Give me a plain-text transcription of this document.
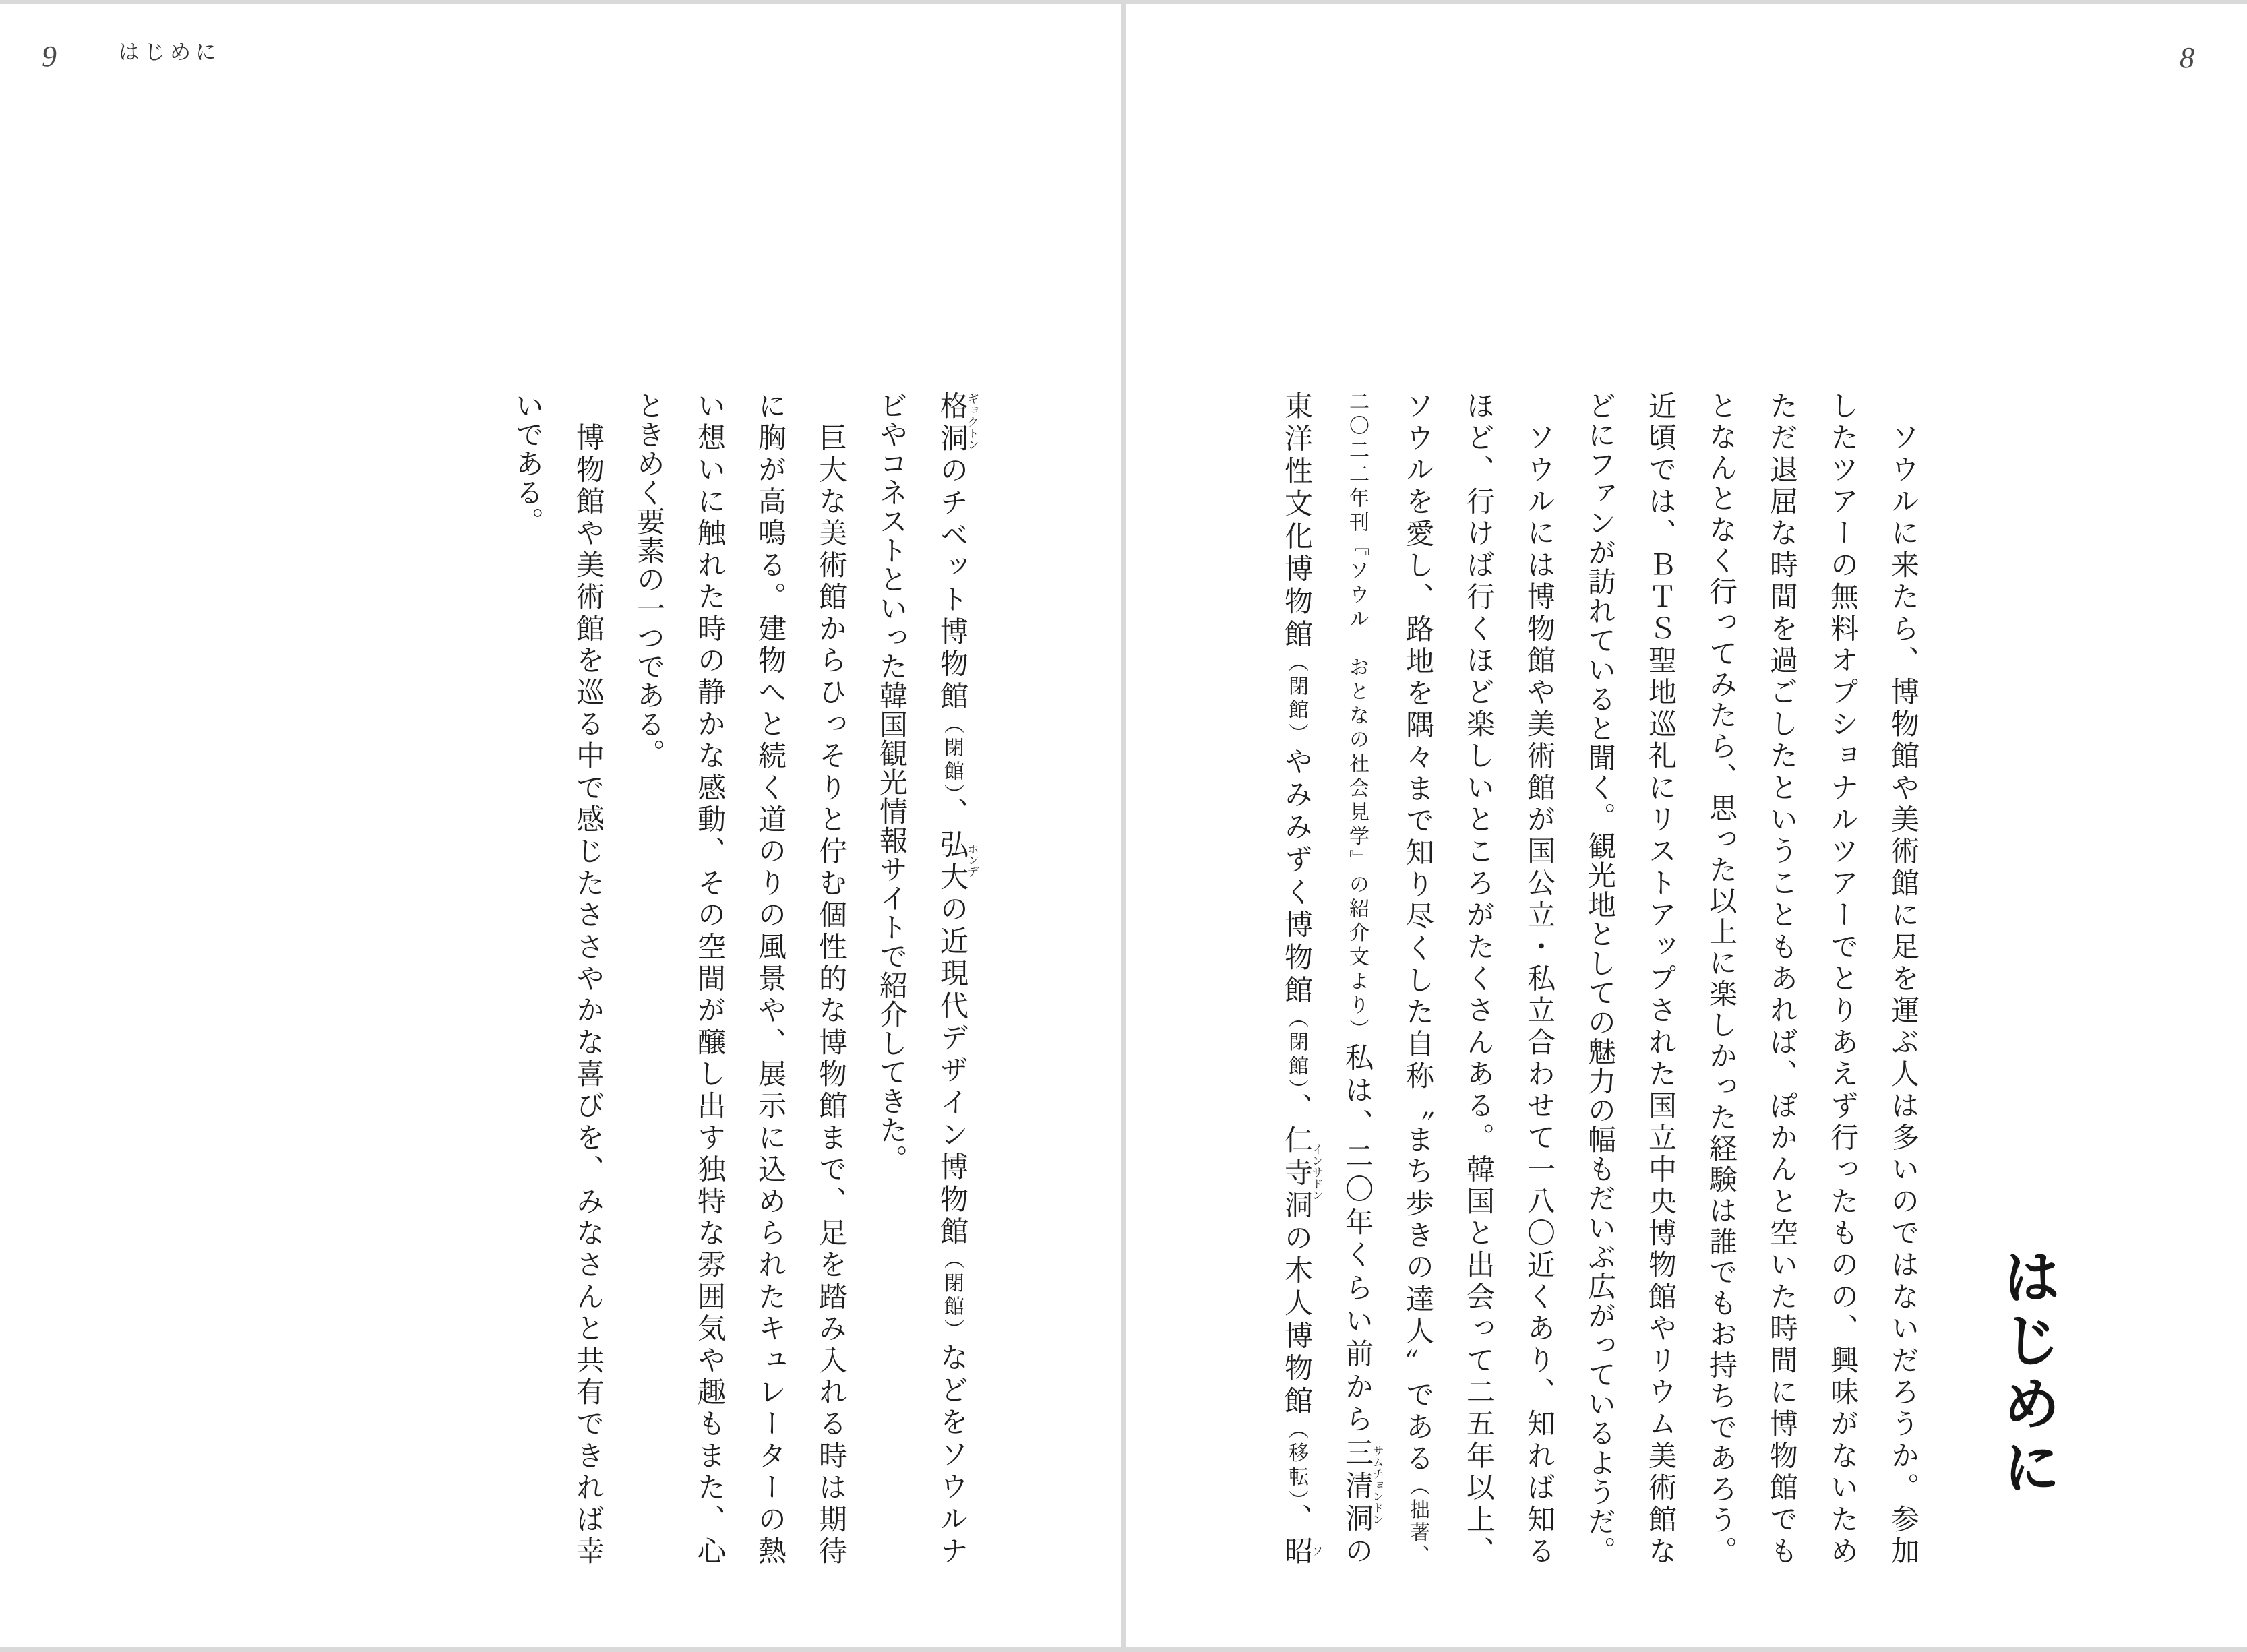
9	はじめに	8
はじめに
　ソウルに来たら、博物館や美術館に足を運ぶ人は多いのではないだろうか。参加
したツアーの無料オプショナルツアーでとりあえず行ったものの、興味がないため
ただ退屈な時間を過ごしたということもあれば、ぽかんと空いた時間に博物館でも
となんとなく行ってみたら、思った以上に楽しかった経験は誰でもお持ちであろう。
近頃では、ＢＴＳ聖地巡礼にリストアップされた国立中央博物館やリウム美術館な
どにファンが訪れていると聞く。観光地としての魅力の幅もだいぶ広がっているようだ。
　ソウルには博物館や美術館が国公立・私立合わせて一八〇近くあり、知れば知る
ほど、行けば行くほど楽しいところがたくさんある。韓国と出会って二五年以上、
ソウルを愛し、路地を隅々まで知り尽くした自称〝まち歩きの達人〞である（拙著、
二〇二二年刊『ソウル　おとなの社会見学』の紹介文より）私は、二〇年くらい前から三清洞サムチョンドンの
東洋性文化博物館（閉館）やみみずく博物館（閉館）、仁寺洞インサドンの木人博物館（移転）、昭ソ
格洞ギョクトンのチベット博物館（閉館）、弘大ホンデの近現代デザイン博物館（閉館）などをソウルナ
ビやコネストといった韓国観光情報サイトで紹介してきた。
　巨大な美術館からひっそりと佇む個性的な博物館まで、足を踏み入れる時は期待
に胸が高鳴る。建物へと続く道のりの風景や、展示に込められたキュレーターの熱
い想いに触れた時の静かな感動、その空間が醸し出す独特な雰囲気や趣もまた、心
ときめく要素の一つである。
　博物館や美術館を巡る中で感じたささやかな喜びを、みなさんと共有できれば幸
いである。
